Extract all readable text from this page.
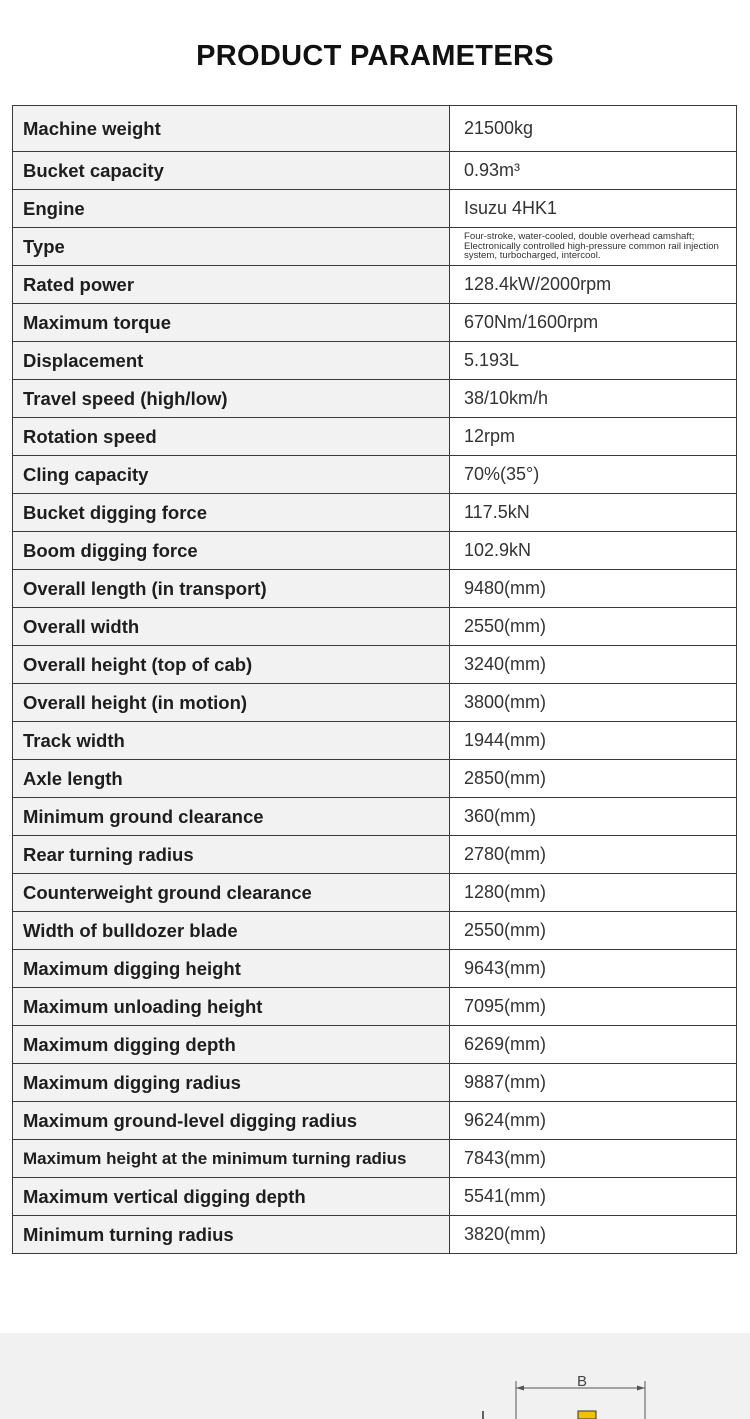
PRODUCT PARAMETERS
Machine weight	21500kg
Bucket capacity	0.93m³
Engine	Isuzu 4HK1
Type	Four-stroke, water-cooled, double overhead camshaft; Electronically controlled high-pressure common rail injection system, turbocharged, intercool.
Rated power	128.4kW/2000rpm
Maximum torque	670Nm/1600rpm
Displacement	5.193L
Travel speed (high/low)	38/10km/h
Rotation speed	12rpm
Cling capacity	70%(35°)
Bucket digging force	117.5kN
Boom digging force	102.9kN
Overall length (in transport)	9480(mm)
Overall width	2550(mm)
Overall height (top of cab)	3240(mm)
Overall height (in motion)	3800(mm)
Track width	1944(mm)
Axle length	2850(mm)
Minimum ground clearance	360(mm)
Rear turning radius	2780(mm)
Counterweight ground clearance	1280(mm)
Width of bulldozer blade	2550(mm)
Maximum digging height	9643(mm)
Maximum unloading height	7095(mm)
Maximum digging depth	6269(mm)
Maximum digging radius	9887(mm)
Maximum ground-level digging radius	9624(mm)
Maximum height at the minimum turning radius	7843(mm)
Maximum vertical digging depth	5541(mm)
Minimum turning radius	3820(mm)
B
